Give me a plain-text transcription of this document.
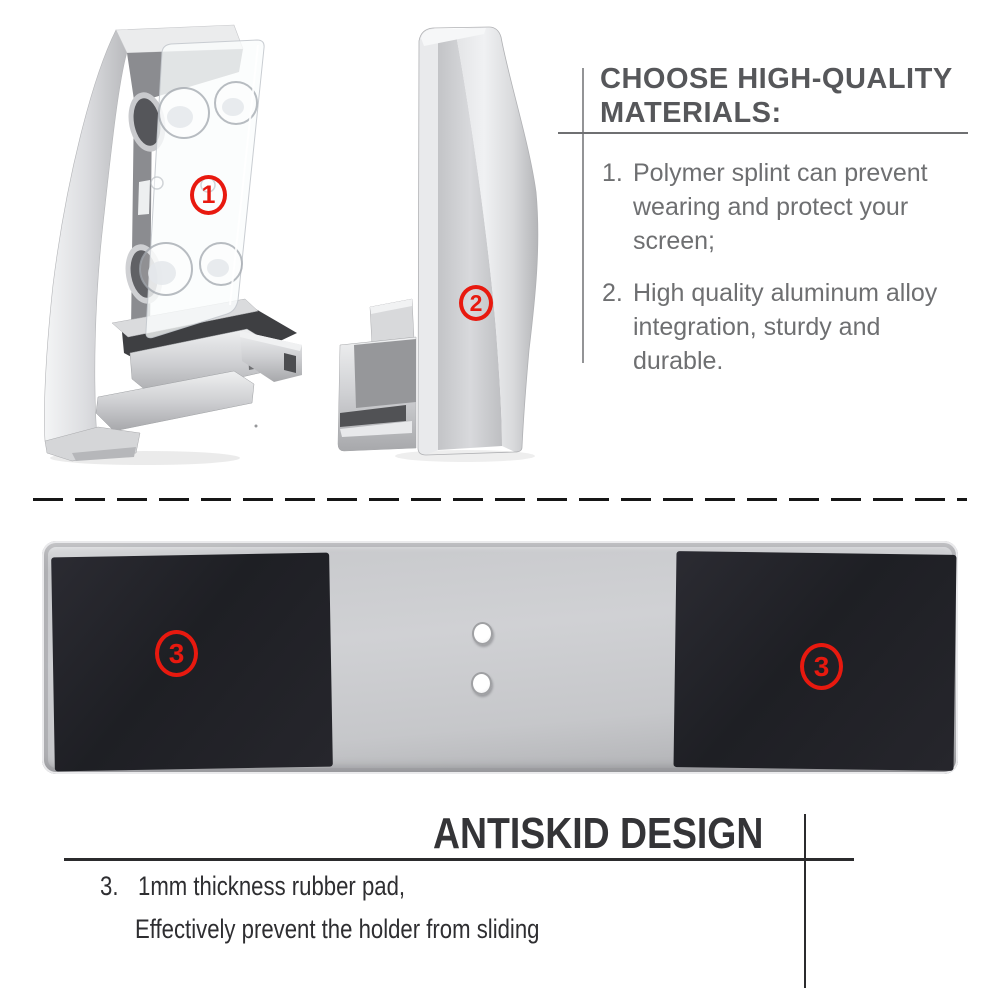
1
2
CHOOSE HIGH-QUALITY
MATERIALS:
1. Polymer splint can prevent
wearing and protect your
screen;
2. High quality aluminum alloy
integration, sturdy and
durable.
3	3
ANTISKID DESIGN
3. 1mm thickness rubber pad,
Effectively prevent the holder from sliding
